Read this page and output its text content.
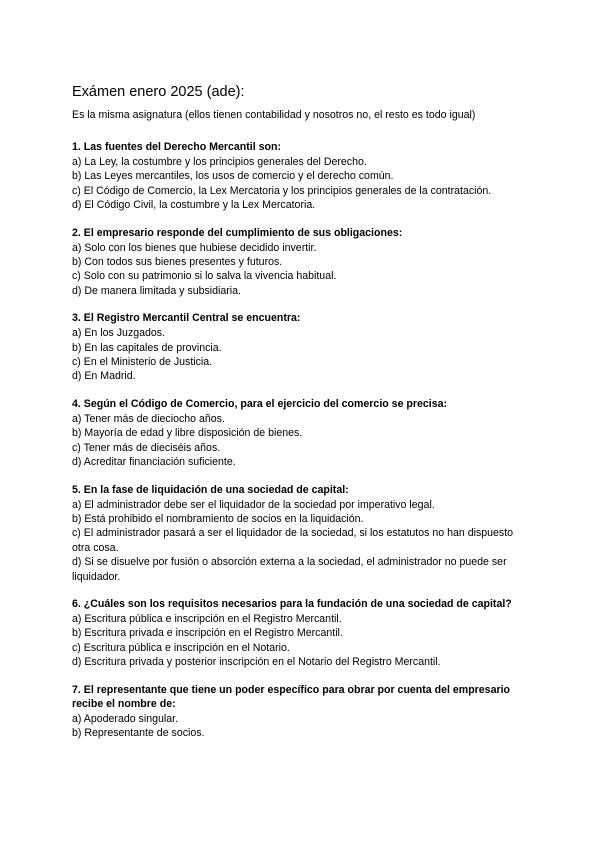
Exámen enero 2025 (ade):

Es la misma asignatura (ellos tienen contabilidad y nosotros no, el resto es todo igual)

1. Las fuentes del Derecho Mercantil son:

a) La Ley, la costumbre y los principios generales del Derecho.

b) Las Leyes mercantiles, los usos de comercio y el derecho común.

c) El Código de Comercio, la Lex Mercatoria y los principios generales de la contratación.

d) El Código Civil, la costumbre y la Lex Mercatoria.

2. El empresario responde del cumplimiento de sus obligaciones:

a) Solo con los bienes que hubiese decidido invertir.

b) Con todos sus bienes presentes y futuros.

c) Solo con su patrimonio si lo salva la vivencia habitual.

d) De manera limitada y subsidiaria.

3. El Registro Mercantil Central se encuentra:

a) En los Juzgados.

b) En las capitales de provincia.

c) En el Ministerio de Justicia.

d) En Madrid.

4. Según el Código de Comercio, para el ejercicio del comercio se precisa:

a) Tener más de dieciocho años.

b) Mayoría de edad y libre disposición de bienes.

c) Tener más de dieciséis años.

d) Acreditar financiación suficiente.

5. En la fase de liquidación de una sociedad de capital:

a) El administrador debe ser el liquidador de la sociedad por imperativo legal.

b) Está prohibido el nombramiento de socios en la liquidación.

c) El administrador pasará a ser el liquidador de la sociedad, si los estatutos no han dispuesto otra cosa.

d) Si se disuelve por fusión o absorción externa a la sociedad, el administrador no puede ser liquidador.

6. ¿Cuáles son los requisitos necesarios para la fundación de una sociedad de capital?

a) Escritura pública e inscripción en el Registro Mercantil.

b) Escritura privada e inscripción en el Registro Mercantil.

c) Escritura pública e inscripción en el Notario.

d) Escritura privada y posterior inscripción en el Notario del Registro Mercantil.

7. El representante que tiene un poder específico para obrar por cuenta del empresario recibe el nombre de:

a) Apoderado singular.

b) Representante de socios.
